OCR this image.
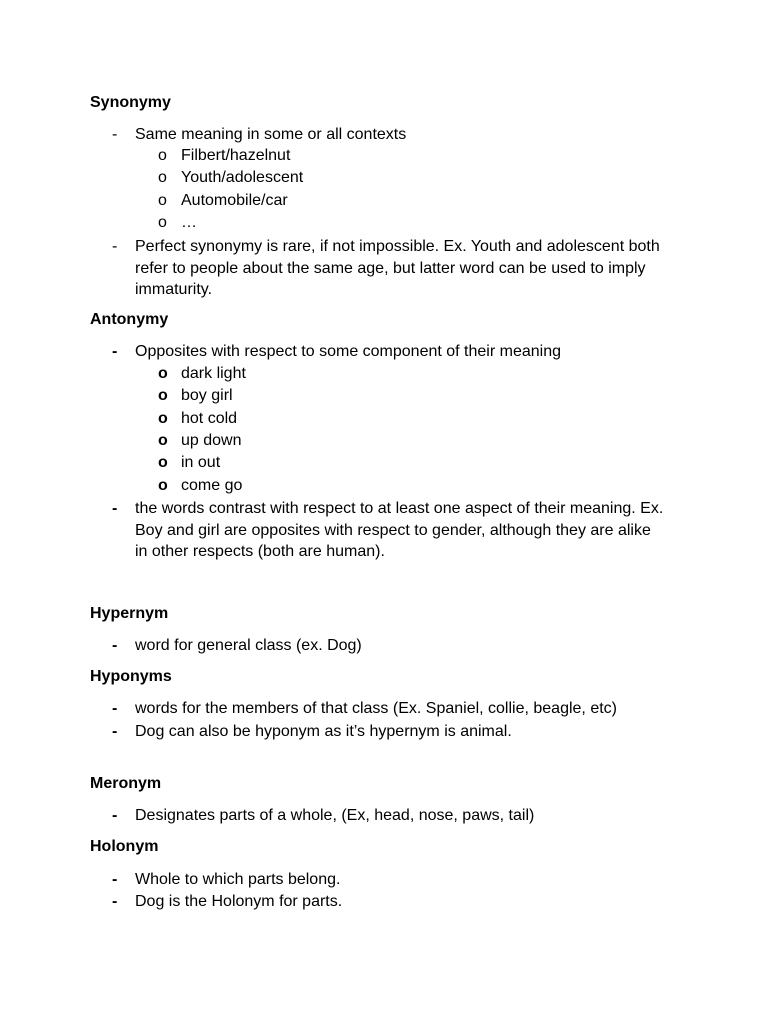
Synonymy
- Same meaning in some or all contexts
o Filbert/hazelnut
o Youth/adolescent
o Automobile/car
o …
- Perfect synonymy is rare, if not impossible. Ex. Youth and adolescent both
refer to people about the same age, but latter word can be used to imply
immaturity.
Antonymy
- Opposites with respect to some component of their meaning
o dark light
o boy girl
o hot cold
o up down
o in out
o come go
- the words contrast with respect to at least one aspect of their meaning. Ex.
Boy and girl are opposites with respect to gender, although they are alike
in other respects (both are human).
Hypernym
- word for general class (ex. Dog)
Hyponyms
- words for the members of that class (Ex. Spaniel, collie, beagle, etc)
- Dog can also be hyponym as it’s hypernym is animal.
Meronym
- Designates parts of a whole, (Ex, head, nose, paws, tail)
Holonym
- Whole to which parts belong.
- Dog is the Holonym for parts.
